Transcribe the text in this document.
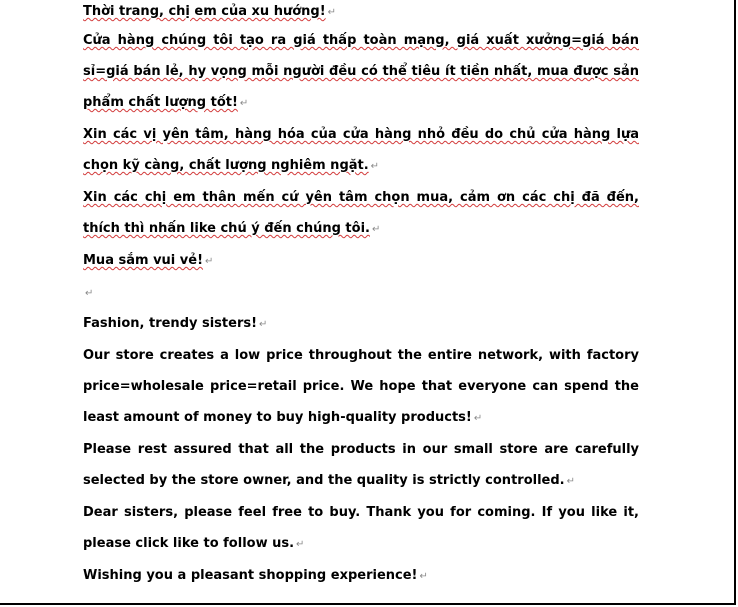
Thời trang, chị em của xu hướng! ↵

Cửa hàng chúng tôi tạo ra giá thấp toàn mạng, giá xuất xưởng=giá bán sỉ=giá bán lẻ, hy vọng mỗi người đều có thể tiêu ít tiền nhất, mua được sản phẩm chất lượng tốt! ↵

Xin các vị yên tâm, hàng hóa của cửa hàng nhỏ đều do chủ cửa hàng lựa chọn kỹ càng, chất lượng nghiêm ngặt. ↵

Xin các chị em thân mến cứ yên tâm chọn mua, cảm ơn các chị đã đến, thích thì nhấn like chú ý đến chúng tôi. ↵

Mua sắm vui vẻ! ↵

↵

Fashion, trendy sisters! ↵

Our store creates a low price throughout the entire network, with factory price=wholesale price=retail price. We hope that everyone can spend the least amount of money to buy high-quality products! ↵

Please rest assured that all the products in our small store are carefully selected by the store owner, and the quality is strictly controlled. ↵

Dear sisters, please feel free to buy. Thank you for coming. If you like it, please click like to follow us. ↵

Wishing you a pleasant shopping experience! ↵
